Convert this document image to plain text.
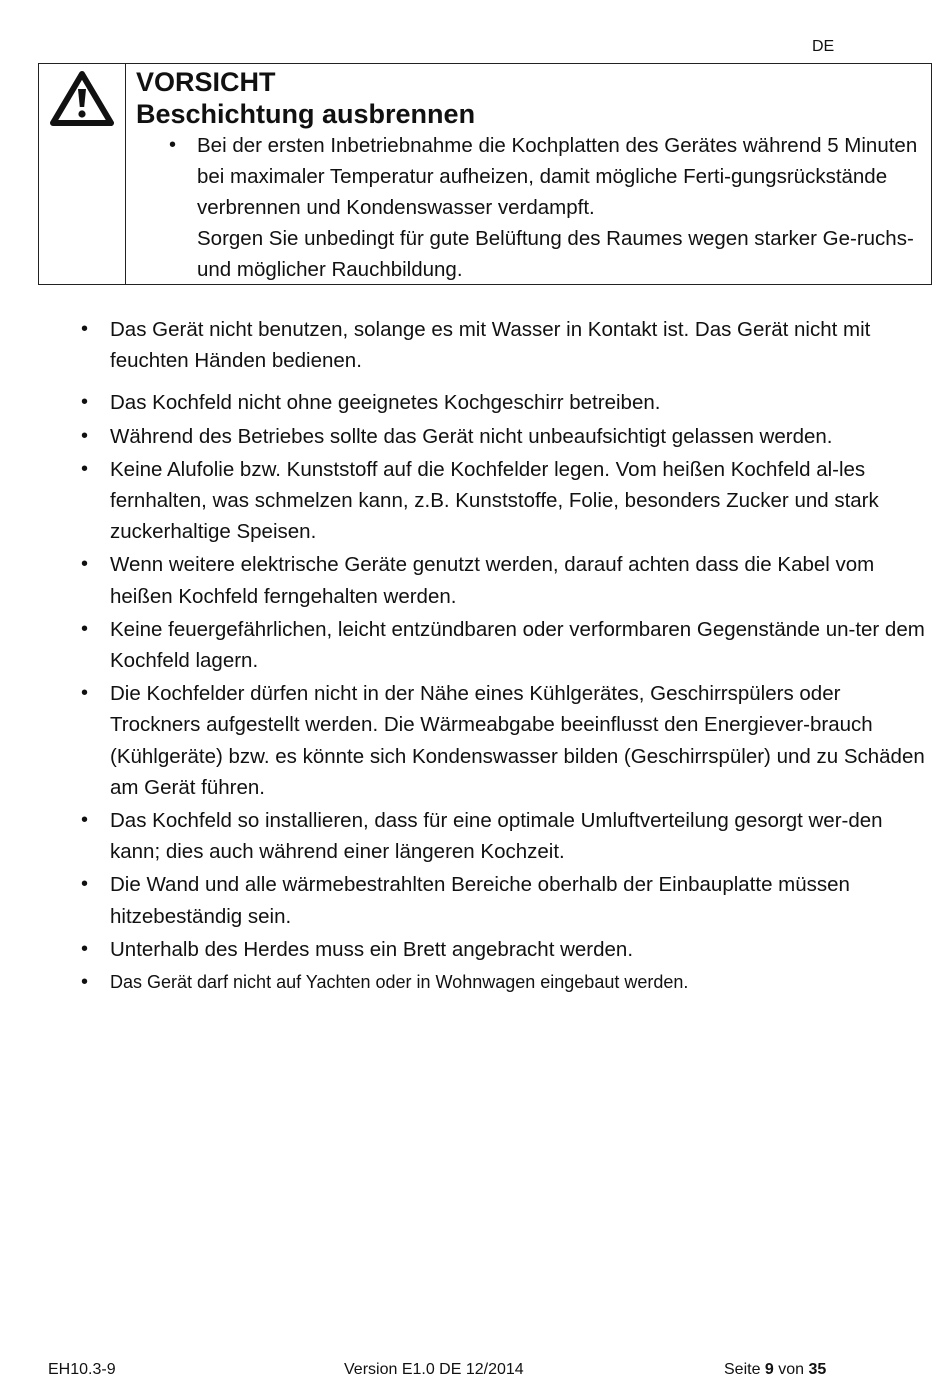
DE
VORSICHT
Beschichtung ausbrennen
• Bei der ersten Inbetriebnahme die Kochplatten des Gerätes während 5 Minuten bei maximaler Temperatur aufheizen, damit mögliche Ferti-gungsrückstände verbrennen und Kondenswasser verdampft.
Sorgen Sie unbedingt für gute Belüftung des Raumes wegen starker Ge-ruchs- und möglicher Rauchbildung.
• Das Gerät nicht benutzen, solange es mit Wasser in Kontakt ist. Das Gerät nicht mit feuchten Händen bedienen.
• Das Kochfeld nicht ohne geeignetes Kochgeschirr betreiben.
• Während des Betriebes sollte das Gerät nicht unbeaufsichtigt gelassen werden.
• Keine Alufolie bzw. Kunststoff auf die Kochfelder legen. Vom heißen Kochfeld al-les fernhalten, was schmelzen kann, z.B. Kunststoffe, Folie, besonders Zucker und stark zuckerhaltige Speisen.
• Wenn weitere elektrische Geräte genutzt werden, darauf achten dass die Kabel vom heißen Kochfeld ferngehalten werden.
• Keine feuergefährlichen, leicht entzündbaren oder verformbaren Gegenstände un-ter dem Kochfeld lagern.
• Die Kochfelder dürfen nicht in der Nähe eines Kühlgerätes, Geschirrspülers oder Trockners aufgestellt werden. Die Wärmeabgabe beeinflusst den Energiever-brauch (Kühlgeräte) bzw. es könnte sich Kondenswasser bilden (Geschirrspüler) und zu Schäden am Gerät führen.
• Das Kochfeld so installieren, dass für eine optimale Umluftverteilung gesorgt wer-den kann; dies auch während einer längeren Kochzeit.
• Die Wand und alle wärmebestrahlten Bereiche oberhalb der Einbauplatte müssen hitzebeständig sein.
• Unterhalb des Herdes muss ein Brett angebracht werden.
• Das Gerät darf nicht auf Yachten oder in Wohnwagen eingebaut werden.
EH10.3-9	Version E1.0 DE 12/2014	Seite 9 von 35
